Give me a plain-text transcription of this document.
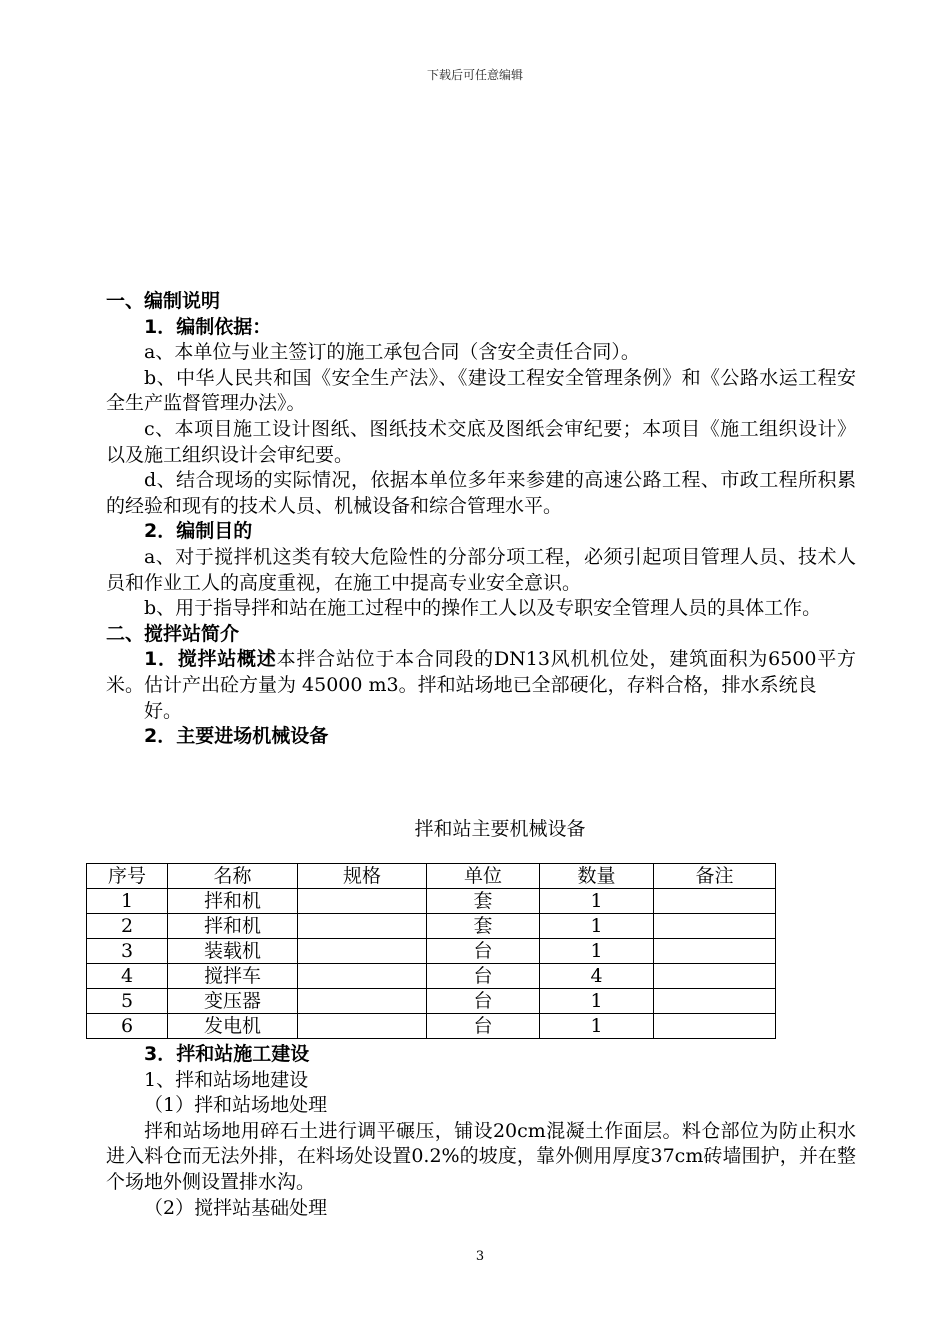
下载后可任意编辑

一、编制说明

1．编制依据：

a、本单位与业主签订的施工承包合同（含安全责任合同）。

b、中华人民共和国《安全生产法》、《建设工程安全管理条例》和《公路水运工程安全生产监督管理办法》。

c、本项目施工设计图纸、图纸技术交底及图纸会审纪要；本项目《施工组织设计》以及施工组织设计会审纪要。

d、结合现场的实际情况，依据本单位多年来参建的高速公路工程、市政工程所积累的经验和现有的技术人员、机械设备和综合管理水平。

2．编制目的

a、对于搅拌机这类有较大危险性的分部分项工程，必须引起项目管理人员、技术人员和作业工人的高度重视，在施工中提高专业安全意识。

b、用于指导拌和站在施工过程中的操作工人以及专职安全管理人员的具体工作。

二、搅拌站简介

1．搅拌站概述本拌合站位于本合同段的DN13风机机位处，建筑面积为6500平方米。估计产出砼方量为 45000 m3。拌和站场地已全部硬化，存料合格，排水系统良

好。

2．主要进场机械设备

拌和站主要机械设备
序号	名称	规格	单位	数量	备注
1	拌和机		套	1	
2	拌和机		套	1	
3	装载机		台	1	
4	搅拌车		台	4	
5	变压器		台	1	
6	发电机		台	1	

3．拌和站施工建设

1、拌和站场地建设

（1）拌和站场地处理

拌和站场地用碎石土进行调平碾压，铺设20cm混凝土作面层。料仓部位为防止积水进入料仓而无法外排，在料场处设置0.2%的坡度，靠外侧用厚度37cm砖墙围护，并在整个场地外侧设置排水沟。

（2）搅拌站基础处理

3
